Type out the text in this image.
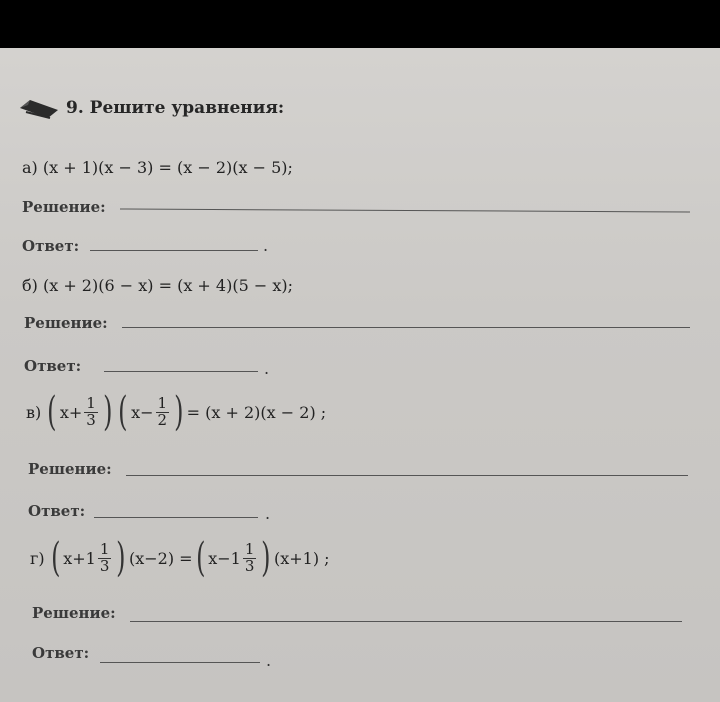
9. Решите уравнения:
а) (x + 1)(x − 3) = (x − 2)(x − 5);
Решение:
Ответ:	.
б) (x + 2)(6 − x) = (x + 4)(5 − x);
Решение:
Ответ:	.
в) ( $x+ \frac{1}{3}$ ) ( $x- \frac{1}{2}$ ) = (x + 2)(x − 2) ;
Решение:
Ответ:	.
г) ( $x+1 \frac{1}{3}$ ) (x−2) = ( $x-1 \frac{1}{3}$ ) (x+1) ;
Решение:
Ответ:	.
